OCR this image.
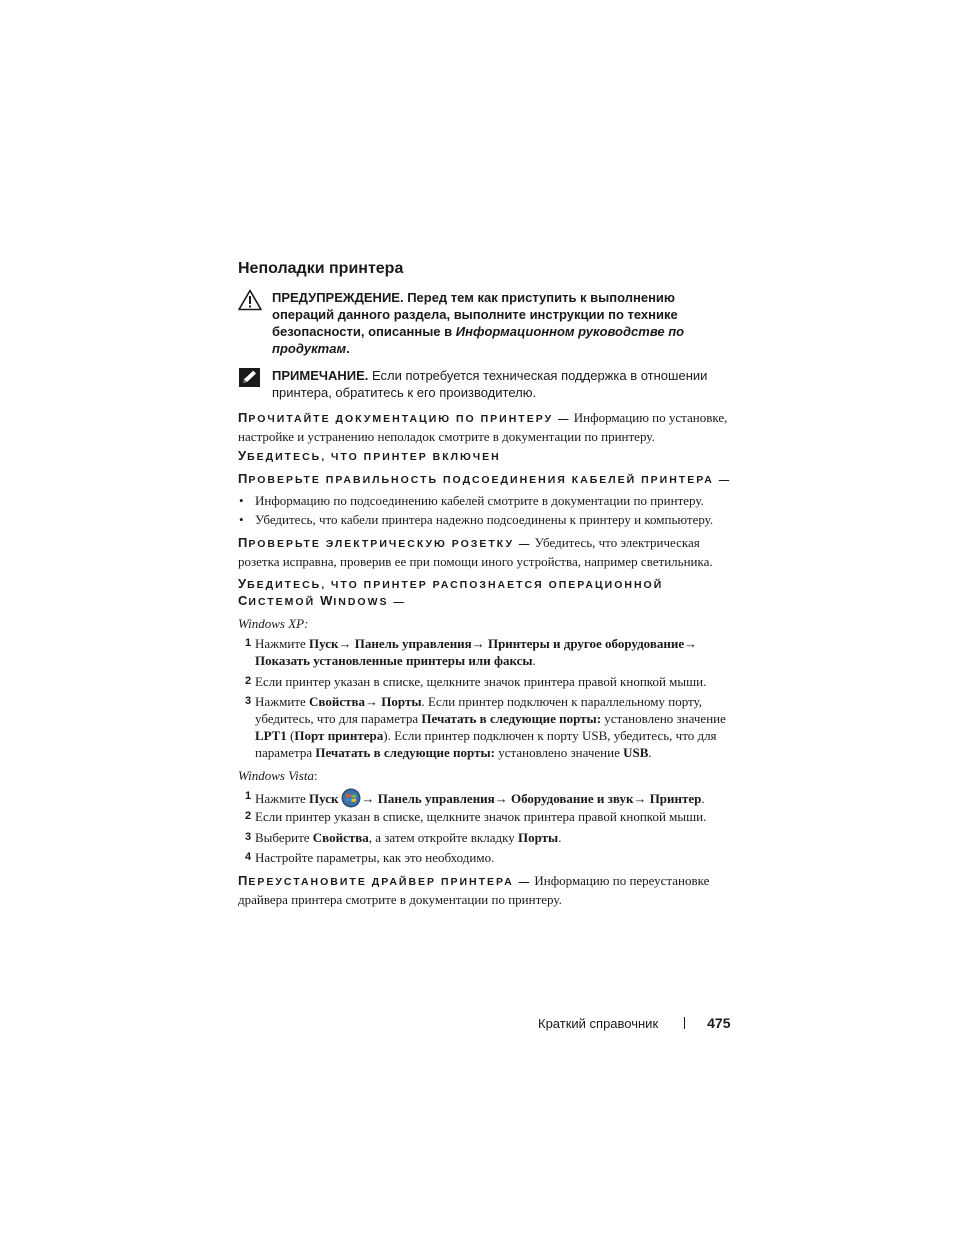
Неполадки принтера
ПРЕДУПРЕЖДЕНИЕ. Перед тем как приступить к выполнению операций данного раздела, выполните инструкции по технике безопасности, описанные в Информационном руководстве по продуктам.
ПРИМЕЧАНИЕ. Если потребуется техническая поддержка в отношении принтера, обратитесь к его производителю.
ПРОЧИТАЙТЕ ДОКУМЕНТАЦИЮ ПО ПРИНТЕРУ — Информацию по установке, настройке и устранению неполадок смотрите в документации по принтеру.
УБЕДИТЕСЬ, ЧТО ПРИНТЕР ВКЛЮЧЕН
ПРОВЕРЬТЕ ПРАВИЛЬНОСТЬ ПОДСОЕДИНЕНИЯ КАБЕЛЕЙ ПРИНТЕРА —
• Информацию по подсоединению кабелей смотрите в документации по принтеру.
• Убедитесь, что кабели принтера надежно подсоединены к принтеру и компьютеру.
ПРОВЕРЬТЕ ЭЛЕКТРИЧЕСКУЮ РОЗЕТКУ — Убедитесь, что электрическая розетка исправна, проверив ее при помощи иного устройства, например светильника.
УБЕДИТЕСЬ, ЧТО ПРИНТЕР РАСПОЗНАЕТСЯ ОПЕРАЦИОННОЙ
СИСТЕМОЙ WINDOWS —
Windows XP:
1 Нажмите Пуск→ Панель управления→ Принтеры и другое оборудование→
Показать установленные принтеры или факсы.
2 Если принтер указан в списке, щелкните значок принтера правой кнопкой мыши.
3 Нажмите Свойства→ Порты. Если принтер подключен к параллельному порту, убедитесь, что для параметра Печатать в следующие порты: установлено значение LPT1 (Порт принтера). Если принтер подключен к порту USB, убедитесь, что для параметра Печатать в следующие порты: установлено значение USB.
Windows Vista:
1 Нажмите Пуск → Панель управления→ Оборудование и звук→ Принтер.
2 Если принтер указан в списке, щелкните значок принтера правой кнопкой мыши.
3 Выберите Свойства, а затем откройте вкладку Порты.
4 Настройте параметры, как это необходимо.
ПЕРЕУСТАНОВИТЕ ДРАЙВЕР ПРИНТЕРА — Информацию по переустановке драйвера принтера смотрите в документации по принтеру.
Краткий справочник	475
